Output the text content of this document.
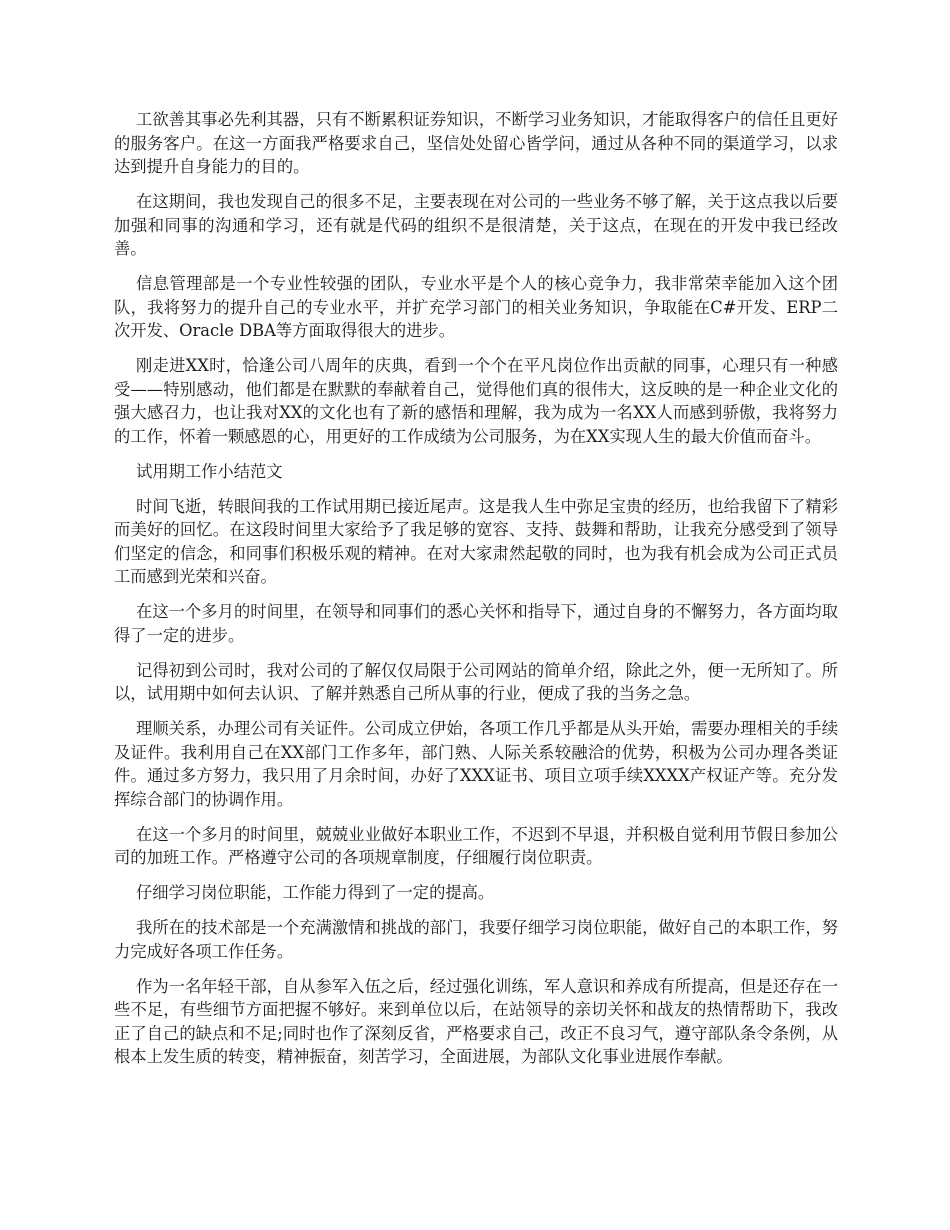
工欲善其事必先利其器，只有不断累积证券知识，不断学习业务知识，才能取得客户的信任且更好的服务客户。在这一方面我严格要求自己，坚信处处留心皆学问，通过从各种不同的渠道学习，以求达到提升自身能力的目的。

在这期间，我也发现自己的很多不足，主要表现在对公司的一些业务不够了解，关于这点我以后要加强和同事的沟通和学习，还有就是代码的组织不是很清楚，关于这点，在现在的开发中我已经改善。

信息管理部是一个专业性较强的团队，专业水平是个人的核心竞争力，我非常荣幸能加入这个团队，我将努力的提升自己的专业水平，并扩充学习部门的相关业务知识，争取能在C#开发、ERP二次开发、Oracle DBA等方面取得很大的进步。

刚走进XX时，恰逢公司八周年的庆典，看到一个个在平凡岗位作出贡献的同事，心理只有一种感受——特别感动，他们都是在默默的奉献着自己，觉得他们真的很伟大，这反映的是一种企业文化的强大感召力，也让我对XX的文化也有了新的感悟和理解，我为成为一名XX人而感到骄傲，我将努力的工作，怀着一颗感恩的心，用更好的工作成绩为公司服务，为在XX实现人生的最大价值而奋斗。

试用期工作小结范文

时间飞逝，转眼间我的工作试用期已接近尾声。这是我人生中弥足宝贵的经历，也给我留下了精彩而美好的回忆。在这段时间里大家给予了我足够的宽容、支持、鼓舞和帮助，让我充分感受到了领导们坚定的信念，和同事们积极乐观的精神。在对大家肃然起敬的同时，也为我有机会成为公司正式员工而感到光荣和兴奋。

在这一个多月的时间里，在领导和同事们的悉心关怀和指导下，通过自身的不懈努力，各方面均取得了一定的进步。

记得初到公司时，我对公司的了解仅仅局限于公司网站的简单介绍，除此之外，便一无所知了。所以，试用期中如何去认识、了解并熟悉自己所从事的行业，便成了我的当务之急。

理顺关系，办理公司有关证件。公司成立伊始，各项工作几乎都是从头开始，需要办理相关的手续及证件。我利用自己在XX部门工作多年，部门熟、人际关系较融洽的优势，积极为公司办理各类证件。通过多方努力，我只用了月余时间，办好了XXX证书、项目立项手续XXXX产权证产等。充分发挥综合部门的协调作用。

在这一个多月的时间里，兢兢业业做好本职业工作，不迟到不早退，并积极自觉利用节假日参加公司的加班工作。严格遵守公司的各项规章制度，仔细履行岗位职责。

仔细学习岗位职能，工作能力得到了一定的提高。

我所在的技术部是一个充满激情和挑战的部门，我要仔细学习岗位职能，做好自己的本职工作，努力完成好各项工作任务。

作为一名年轻干部，自从参军入伍之后，经过强化训练，军人意识和养成有所提高，但是还存在一些不足，有些细节方面把握不够好。来到单位以后，在站领导的亲切关怀和战友的热情帮助下，我改正了自己的缺点和不足;同时也作了深刻反省，严格要求自己，改正不良习气，遵守部队条令条例，从根本上发生质的转变，精神振奋，刻苦学习，全面进展，为部队文化事业进展作奉献。
